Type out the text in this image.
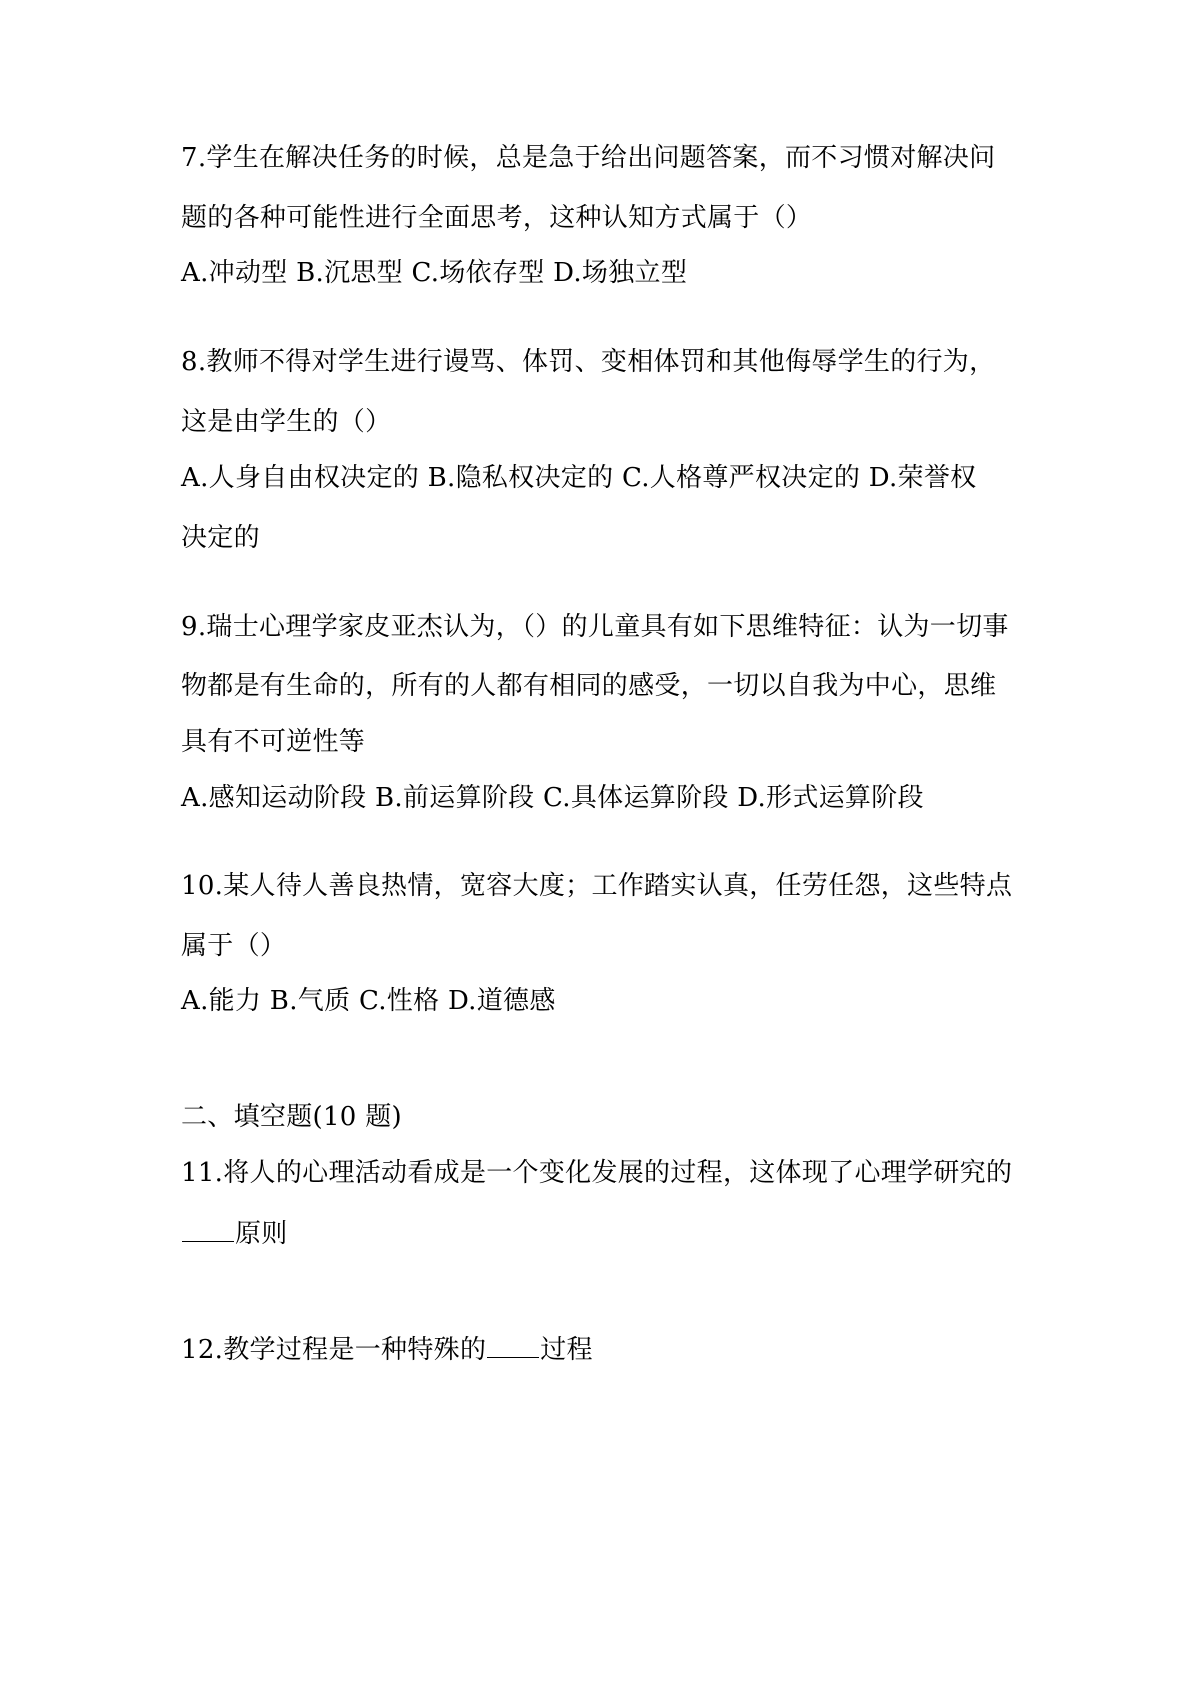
7.学生在解决任务的时候，总是急于给出问题答案，而不习惯对解决问
题的各种可能性进行全面思考，这种认知方式属于（）
A.冲动型 B.沉思型 C.场依存型 D.场独立型
8.教师不得对学生进行谩骂、体罚、变相体罚和其他侮辱学生的行为，
这是由学生的（）
A.人身自由权决定的 B.隐私权决定的 C.人格尊严权决定的 D.荣誉权
决定的
9.瑞士心理学家皮亚杰认为，（）的儿童具有如下思维特征：认为一切事
物都是有生命的，所有的人都有相同的感受，一切以自我为中心，思维
具有不可逆性等
A.感知运动阶段 B.前运算阶段 C.具体运算阶段 D.形式运算阶段
10.某人待人善良热情，宽容大度；工作踏实认真，任劳任怨，这些特点
属于（）
A.能力 B.气质 C.性格 D.道德感
二、填空题(10 题)
11.将人的心理活动看成是一个变化发展的过程，这体现了心理学研究的
原则
12.教学过程是一种特殊的 过程
